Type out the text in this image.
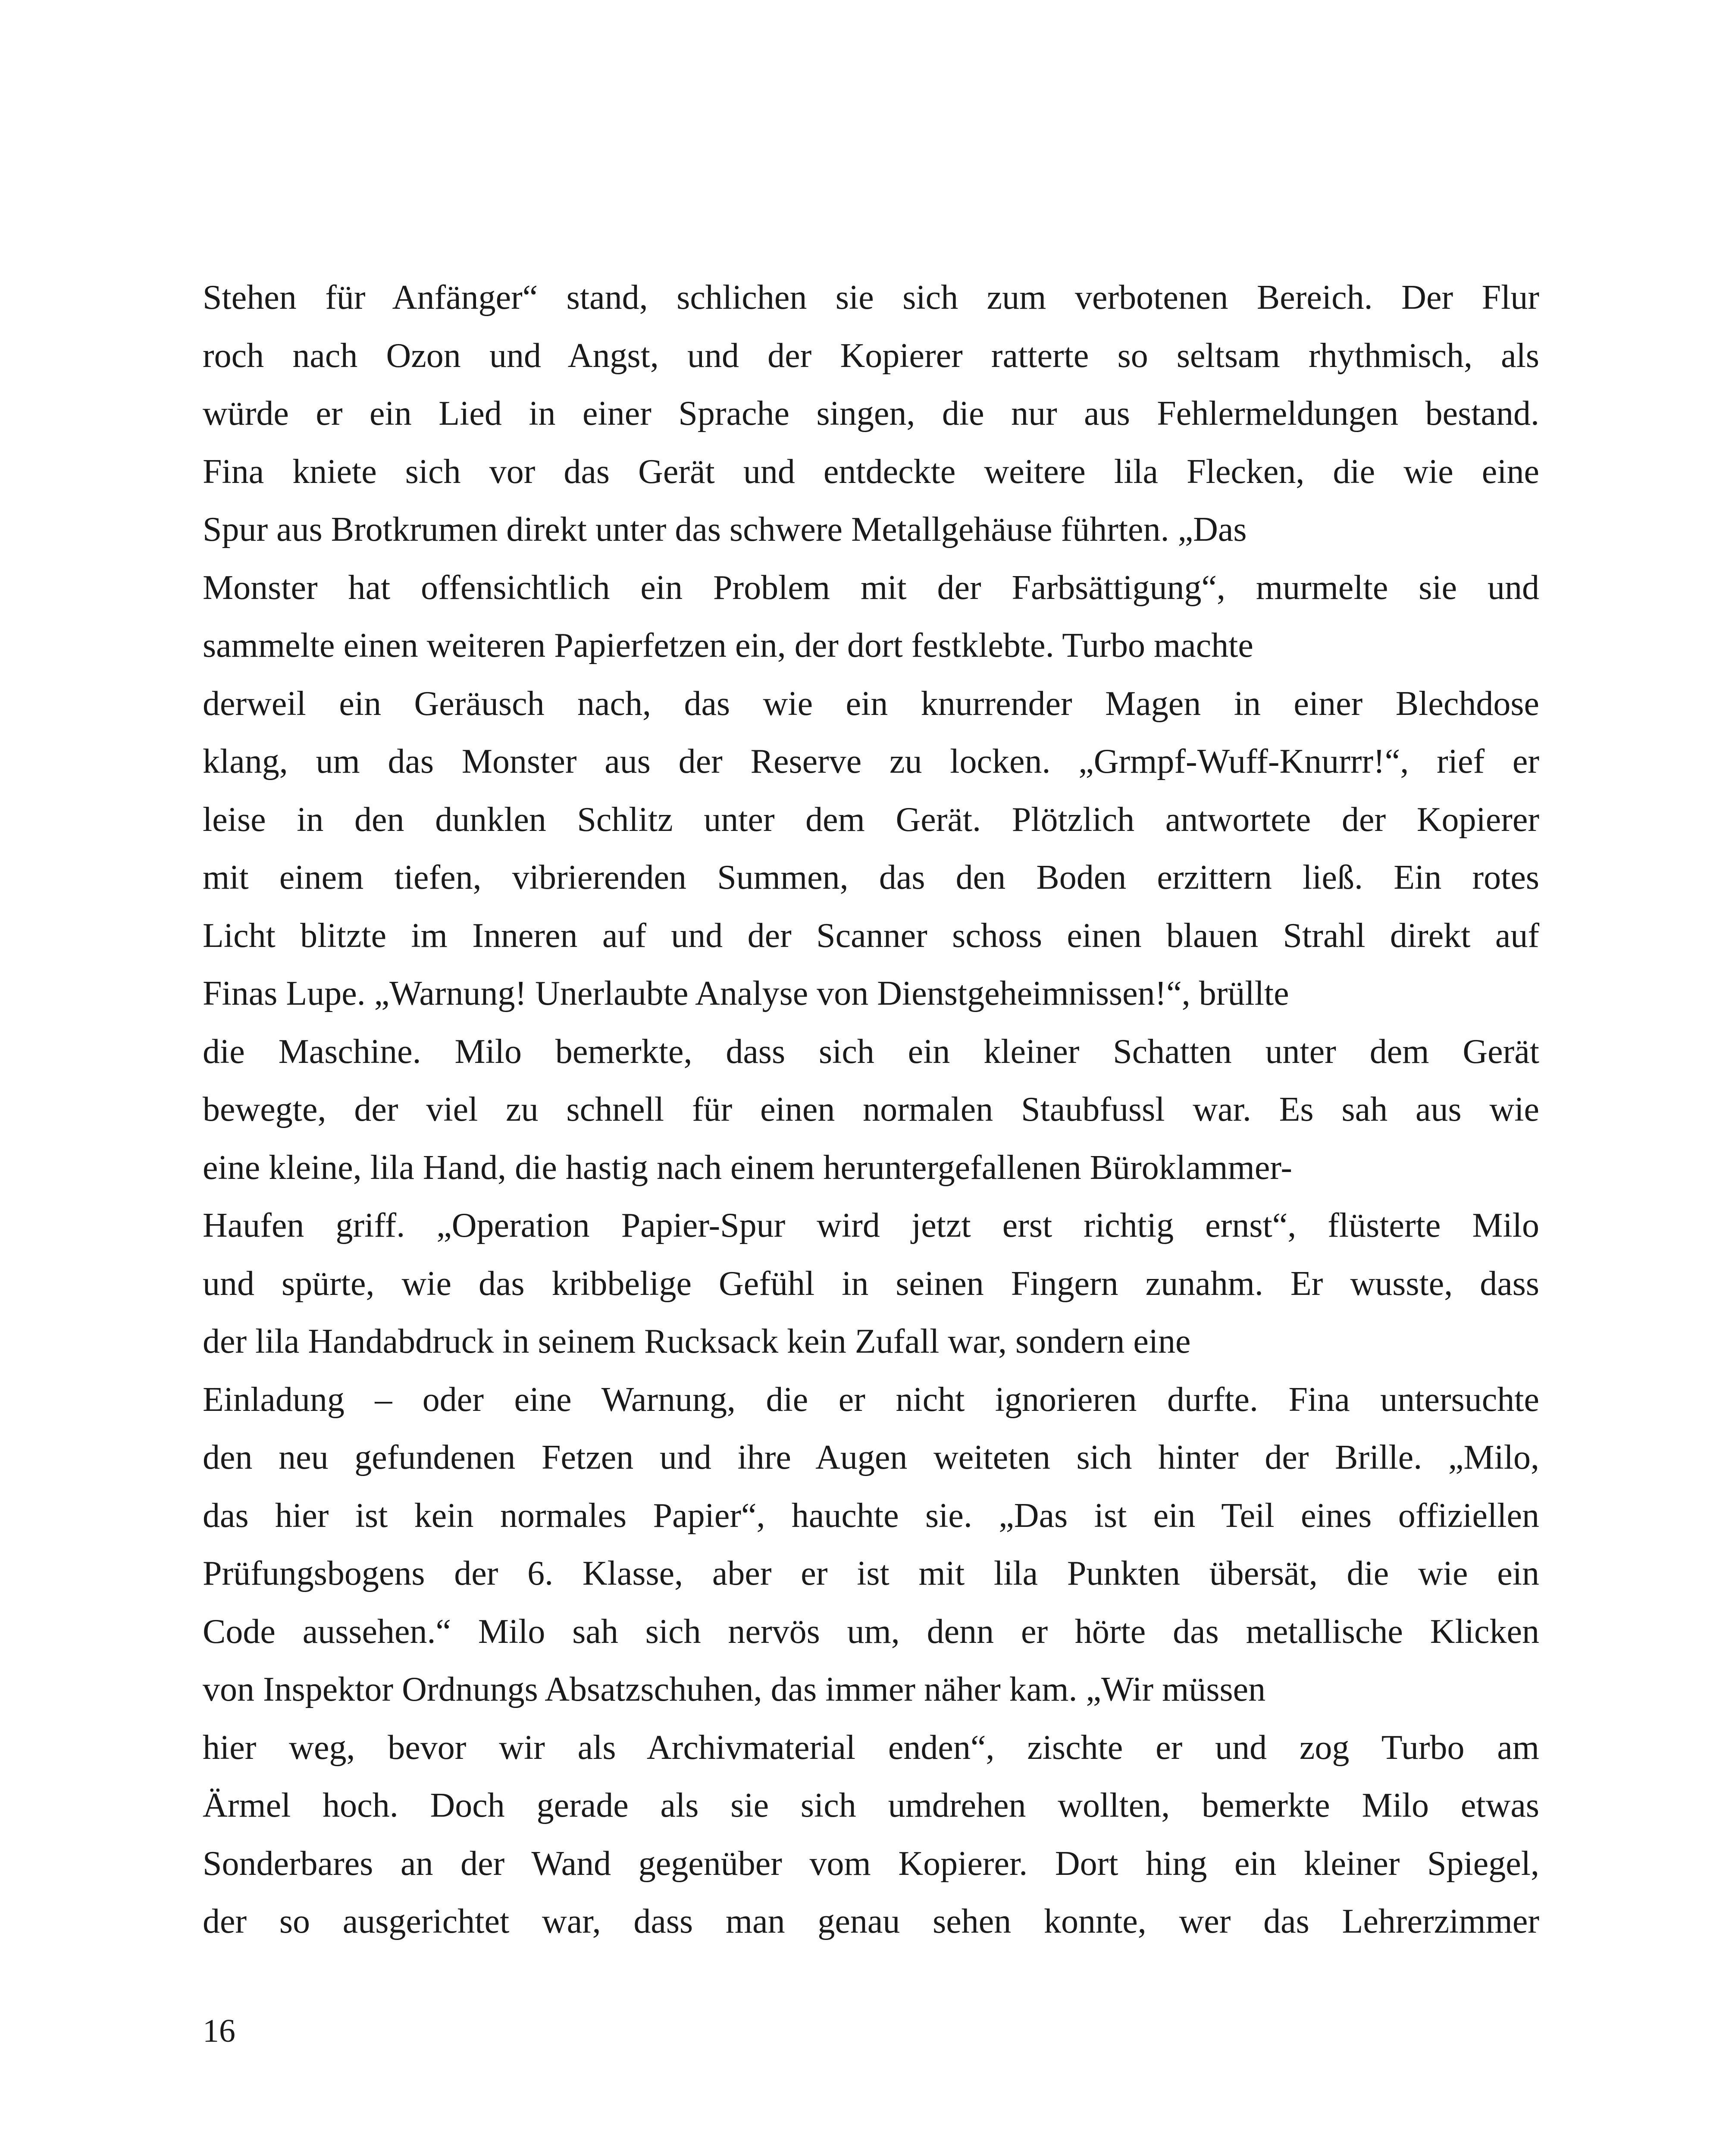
Stehen für Anfänger“ stand, schlichen sie sich zum verbotenen Bereich. Der Flur
roch nach Ozon und Angst, und der Kopierer ratterte so seltsam rhythmisch, als
würde er ein Lied in einer Sprache singen, die nur aus Fehlermeldungen bestand.
Fina kniete sich vor das Gerät und entdeckte weitere lila Flecken, die wie eine
Spur aus Brotkrumen direkt unter das schwere Metallgehäuse führten. „Das
Monster hat offensichtlich ein Problem mit der Farbsättigung“, murmelte sie und
sammelte einen weiteren Papierfetzen ein, der dort festklebte. Turbo machte
derweil ein Geräusch nach, das wie ein knurrender Magen in einer Blechdose
klang, um das Monster aus der Reserve zu locken. „Grmpf-Wuff-Knurrr!“, rief er
leise in den dunklen Schlitz unter dem Gerät. Plötzlich antwortete der Kopierer
mit einem tiefen, vibrierenden Summen, das den Boden erzittern ließ. Ein rotes
Licht blitzte im Inneren auf und der Scanner schoss einen blauen Strahl direkt auf
Finas Lupe. „Warnung! Unerlaubte Analyse von Dienstgeheimnissen!“, brüllte
die Maschine. Milo bemerkte, dass sich ein kleiner Schatten unter dem Gerät
bewegte, der viel zu schnell für einen normalen Staubfussl war. Es sah aus wie
eine kleine, lila Hand, die hastig nach einem heruntergefallenen Büroklammer-
Haufen griff. „Operation Papier-Spur wird jetzt erst richtig ernst“, flüsterte Milo
und spürte, wie das kribbelige Gefühl in seinen Fingern zunahm. Er wusste, dass
der lila Handabdruck in seinem Rucksack kein Zufall war, sondern eine
Einladung – oder eine Warnung, die er nicht ignorieren durfte. Fina untersuchte
den neu gefundenen Fetzen und ihre Augen weiteten sich hinter der Brille. „Milo,
das hier ist kein normales Papier“, hauchte sie. „Das ist ein Teil eines offiziellen
Prüfungsbogens der 6. Klasse, aber er ist mit lila Punkten übersät, die wie ein
Code aussehen.“ Milo sah sich nervös um, denn er hörte das metallische Klicken
von Inspektor Ordnungs Absatzschuhen, das immer näher kam. „Wir müssen
hier weg, bevor wir als Archivmaterial enden“, zischte er und zog Turbo am
Ärmel hoch. Doch gerade als sie sich umdrehen wollten, bemerkte Milo etwas
Sonderbares an der Wand gegenüber vom Kopierer. Dort hing ein kleiner Spiegel,
der so ausgerichtet war, dass man genau sehen konnte, wer das Lehrerzimmer
16
